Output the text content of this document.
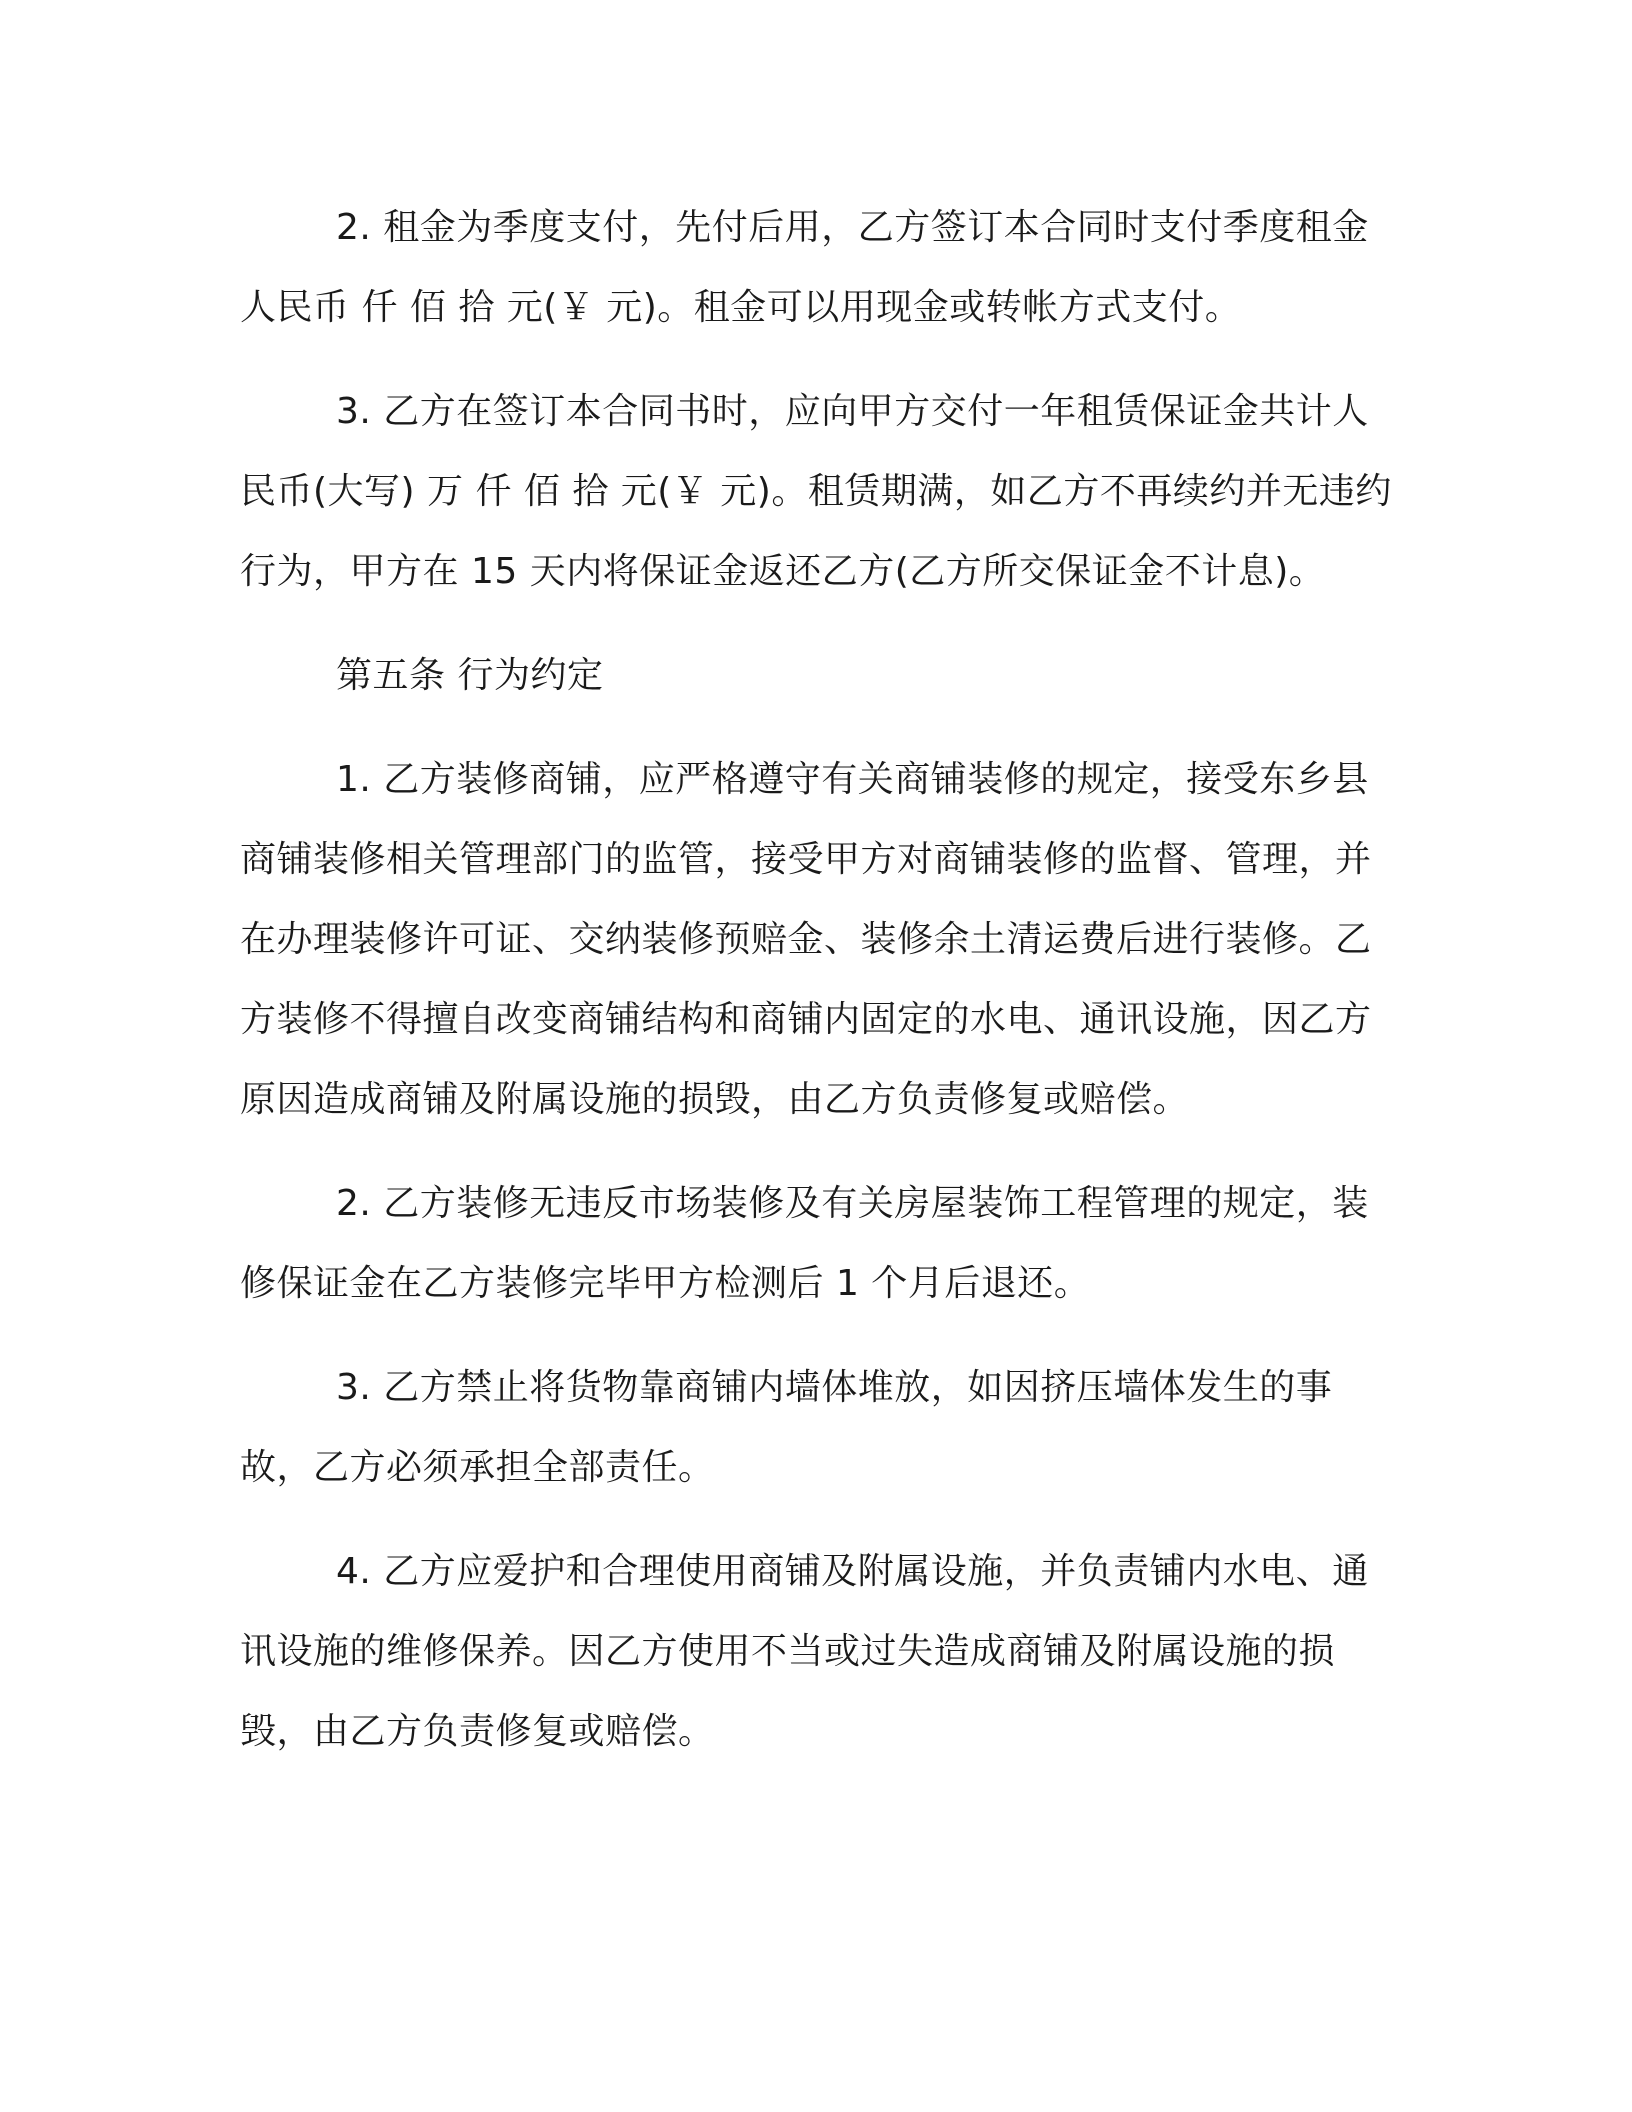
2. 租金为季度支付，先付后用，乙方签订本合同时支付季度租金人民币 仟 佰 拾 元(￥ 元)。租金可以用现金或转帐方式支付。

3. 乙方在签订本合同书时，应向甲方交付一年租赁保证金共计人民币(大写) 万 仟 佰 拾 元(￥ 元)。租赁期满，如乙方不再续约并无违约行为，甲方在 15 天内将保证金返还乙方(乙方所交保证金不计息)。

第五条 行为约定

1. 乙方装修商铺，应严格遵守有关商铺装修的规定，接受东乡县商铺装修相关管理部门的监管，接受甲方对商铺装修的监督、管理，并在办理装修许可证、交纳装修预赔金、装修余土清运费后进行装修。乙方装修不得擅自改变商铺结构和商铺内固定的水电、通讯设施，因乙方原因造成商铺及附属设施的损毁，由乙方负责修复或赔偿。

2. 乙方装修无违反市场装修及有关房屋装饰工程管理的规定，装修保证金在乙方装修完毕甲方检测后 1 个月后退还。

3. 乙方禁止将货物靠商铺内墙体堆放，如因挤压墙体发生的事故，乙方必须承担全部责任。

4. 乙方应爱护和合理使用商铺及附属设施，并负责铺内水电、通讯设施的维修保养。因乙方使用不当或过失造成商铺及附属设施的损毁，由乙方负责修复或赔偿。
